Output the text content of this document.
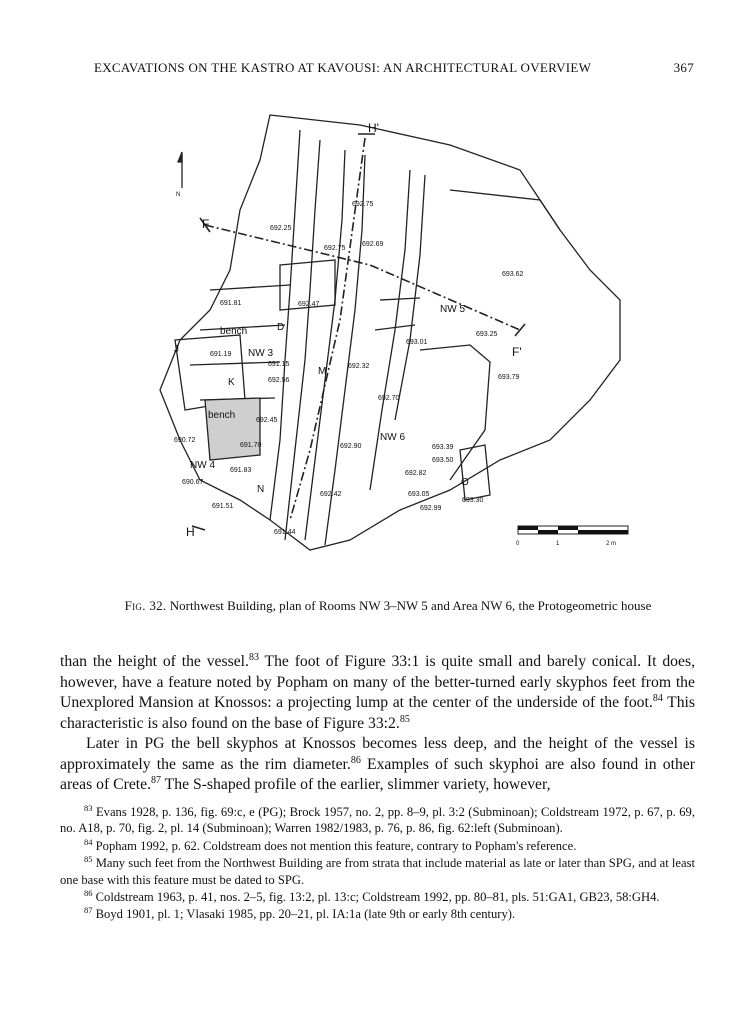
EXCAVATIONS ON THE KASTRO AT KAVOUSI: AN ARCHITECTURAL OVERVIEW	367
N
H'
H
F
F'
NW 5
NW 3
NW 4
NW 6
J
K
D
M
N
O
bench
bench
692.75
692.25
692.75
692.69
693.62
691.81	692.47
693.01
693.25
691.19
691.15
692.56
692.32
693.79
692.70
692.45
690.72
691.70	692.90	693.39
693.50
691.83	692.82
690.67
693.05
693.30
692.42
692.99
691.51
691.44
0	1	2 m
Fig. 32. Northwest Building, plan of Rooms NW 3–NW 5 and Area NW 6, the Protogeometric house

than the height of the vessel.$^{83}$ The foot of Figure 33:1 is quite small and barely conical. It does, however, have a feature noted by Popham on many of the better-turned early skyphos feet from the Unexplored Mansion at Knossos: a projecting lump at the center of the underside of the foot.$^{84}$ This characteristic is also found on the base of Figure 33:2.85

Later in PG the bell skyphos at Knossos becomes less deep, and the height of the vessel is approximately the same as the rim diameter.$^{86}$ Examples of such skyphoi are also found in other areas of Crete.$^{87}$ The S-shaped profile of the earlier, slimmer variety, however,

$^{83}$ Evans 1928, p. 136, fig. 69:c, e (PG); Brock 1957, no. 2, pp. 8–9, pl. 3:2 (Subminoan); Coldstream 1972, p. 67, p. 69, no. A18, p. 70, fig. 2, pl. 14 (Subminoan); Warren 1982/1983, p. 76, p. 86, fig. 62:left (Subminoan).

$^{84}$ Popham 1992, p. 62. Coldstream does not mention this feature, contrary to Popham's reference.

$^{85}$ Many such feet from the Northwest Building are from strata that include material as late or later than SPG, and at least one base with this feature must be dated to SPG.

$^{86}$ Coldstream 1963, p. 41, nos. 2–5, fig. 13:2, pl. 13:c; Coldstream 1992, pp. 80–81, pls. 51:GA1, GB23, 58:GH4.

$^{87}$ Boyd 1901, pl. 1; Vlasaki 1985, pp. 20–21, pl. IA:1a (late 9th or early 8th century).
